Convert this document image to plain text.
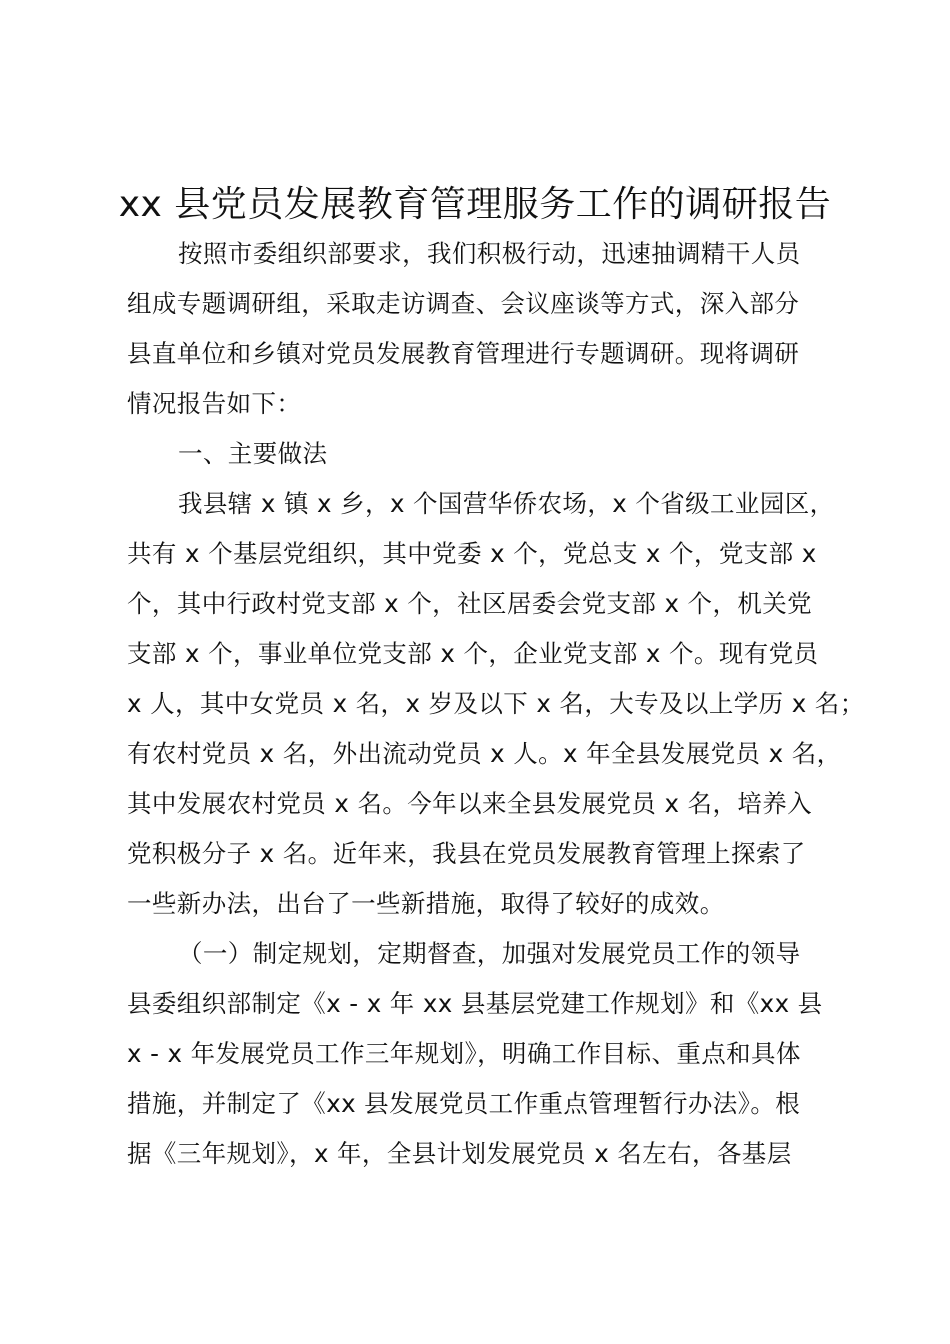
xx 县党员发展教育管理服务工作的调研报告
按照市委组织部要求，我们积极行动，迅速抽调精干人员
组成专题调研组，采取走访调查、会议座谈等方式，深入部分
县直单位和乡镇对党员发展教育管理进行专题调研。现将调研
情况报告如下：
一、主要做法
我县辖 x 镇 x 乡，x 个国营华侨农场，x 个省级工业园区，
共有 x 个基层党组织，其中党委 x 个，党总支 x 个，党支部 x
个，其中行政村党支部 x 个，社区居委会党支部 x 个，机关党
支部 x 个，事业单位党支部 x 个，企业党支部 x 个。现有党员
x 人，其中女党员 x 名，x 岁及以下 x 名，大专及以上学历 x 名；
有农村党员 x 名，外出流动党员 x 人。x 年全县发展党员 x 名，
其中发展农村党员 x 名。今年以来全县发展党员 x 名，培养入
党积极分子 x 名。近年来，我县在党员发展教育管理上探索了
一些新办法，出台了一些新措施，取得了较好的成效。
（一）制定规划，定期督查，加强对发展党员工作的领导
县委组织部制定《x - x 年 xx 县基层党建工作规划》和《xx 县
x - x 年发展党员工作三年规划》，明确工作目标、重点和具体
措施，并制定了《xx 县发展党员工作重点管理暂行办法》。根
据《三年规划》，x 年，全县计划发展党员 x 名左右，各基层
